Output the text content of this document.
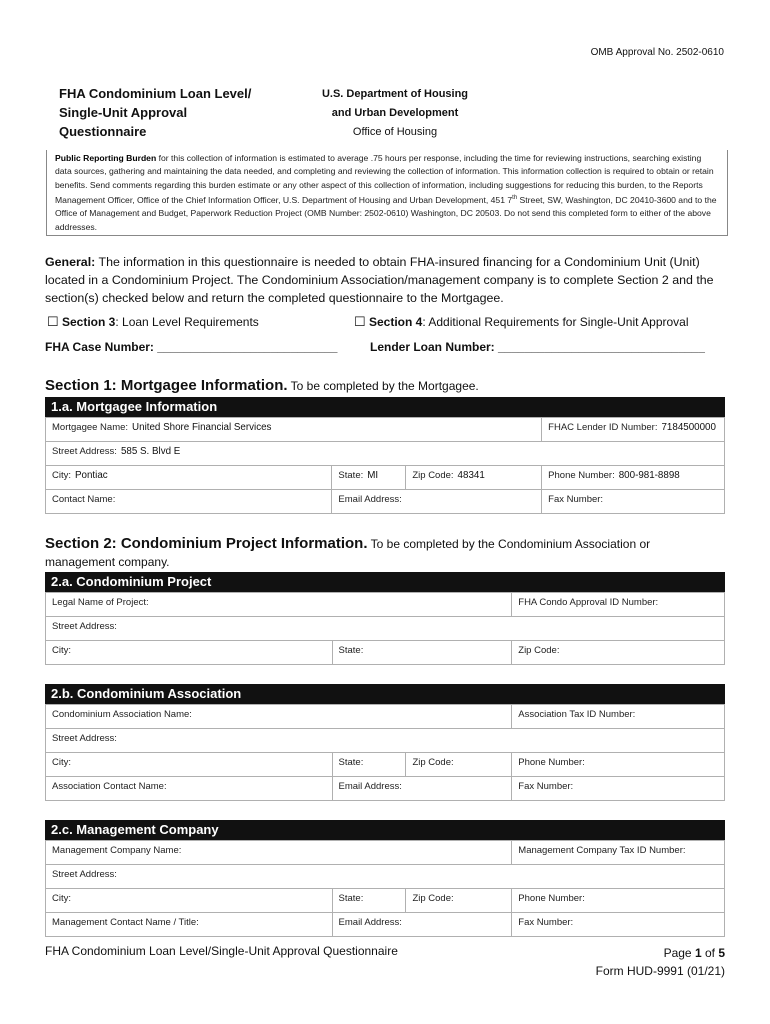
OMB Approval No. 2502-0610
FHA Condominium Loan Level/
Single-Unit Approval
Questionnaire
U.S. Department of Housing
and Urban Development
Office of Housing
Public Reporting Burden for this collection of information is estimated to average .75 hours per response, including the time for reviewing instructions, searching existing data sources, gathering and maintaining the data needed, and completing and reviewing the collection of information. This information collection is required to obtain or retain benefits. Send comments regarding this burden estimate or any other aspect of this collection of information, including suggestions for reducing this burden, to the Reports Management Officer, Office of the Chief Information Officer, U.S. Department of Housing and Urban Development, 451 7th Street, SW, Washington, DC 20410-3600 and to the Office of Management and Budget, Paperwork Reduction Project (OMB Number: 2502-0610) Washington, DC 20503. Do not send this completed form to either of the above addresses.
General: The information in this questionnaire is needed to obtain FHA-insured financing for a Condominium Unit (Unit) located in a Condominium Project. The Condominium Association/management company is to complete Section 2 and the section(s) checked below and return the completed questionnaire to the Mortgagee.
☐ Section 3: Loan Level Requirements	☐ Section 4: Additional Requirements for Single-Unit Approval
FHA Case Number: ___________________________	Lender Loan Number: _______________________________
Section 1: Mortgagee Information. To be completed by the Mortgagee.
1.a. Mortgagee Information
Mortgagee Name: United Shore Financial Services			FHAC Lender ID Number: 7184500000
Street Address: 585 S. Blvd E			
City: Pontiac	State: MI	Zip Code: 48341	Phone Number: 800-981-8898
Contact Name:	Email Address:		Fax Number:
Section 2: Condominium Project Information. To be completed by the Condominium Association or
management company.
2.a. Condominium Project
Legal Name of Project:		FHA Condo Approval ID Number:
Street Address:		
City:	State:	Zip Code:
2.b. Condominium Association
Condominium Association Name:			Association Tax ID Number:
Street Address:			
City:	State:	Zip Code:	Phone Number:
Association Contact Name:	Email Address:		Fax Number:
2.c. Management Company
Management Company Name:			Management Company Tax ID Number:
Street Address:			
City:	State:	Zip Code:	Phone Number:
Management Contact Name / Title:	Email Address:		Fax Number:
FHA Condominium Loan Level/Single-Unit Approval Questionnaire	Page 1 of 5
Form HUD-9991 (01/21)
